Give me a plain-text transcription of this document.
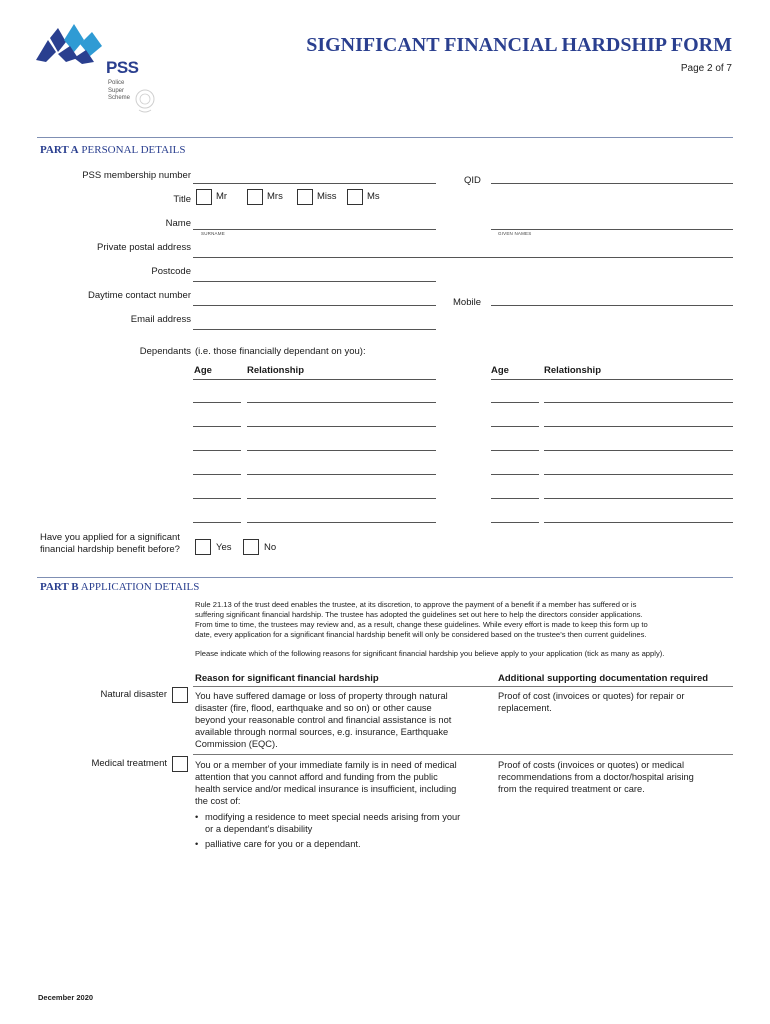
PSS
Police
Super
Scheme
SIGNIFICANT FINANCIAL HARDSHIP FORM
Page 2 of 7
PART A PERSONAL DETAILS
PSS membership number	QID
Title	Mr	Mrs	Miss	Ms
Name
SURNAME	GIVEN NAMES
Private postal address
Postcode
Daytime contact number
Mobile
Email address
Dependants (i.e. those financially dependant on you):
Age	Relationship	Age	Relationship
Have you applied for a significant
financial hardship benefit before?	Yes	No
PART B APPLICATION DETAILS
Rule 21.13 of the trust deed enables the trustee, at its discretion, to approve the payment of a benefit if a member has suffered or is
suffering significant financial hardship. The trustee has adopted the guidelines set out here to help the directors consider applications.
From time to time, the trustees may review and, as a result, change these guidelines. While every effort is made to keep this form up to
date, every application for a significant financial hardship benefit will only be considered based on the trustee’s then current guidelines.
Please indicate which of the following reasons for significant financial hardship you believe apply to your application (tick as many as apply).
Reason for significant financial hardship	Additional supporting documentation required
Natural disaster	You have suffered damage or loss of property through natural
disaster (fire, flood, earthquake and so on) or other cause
beyond your reasonable control and financial assistance is not
available through normal sources, e.g. insurance, Earthquake
Commission (EQC).
Proof of cost (invoices or quotes) for repair or
replacement.
Medical treatment	You or a member of your immediate family is in need of medical
attention that you cannot afford and funding from the public
health service and/or medical insurance is insufficient, including
the cost of:
• modifying a residence to meet special needs arising from your
or a dependant’s disability
• palliative care for you or a dependant.
Proof of costs (invoices or quotes) or medical
recommendations from a doctor/hospital arising
from the required treatment or care.
December 2020
